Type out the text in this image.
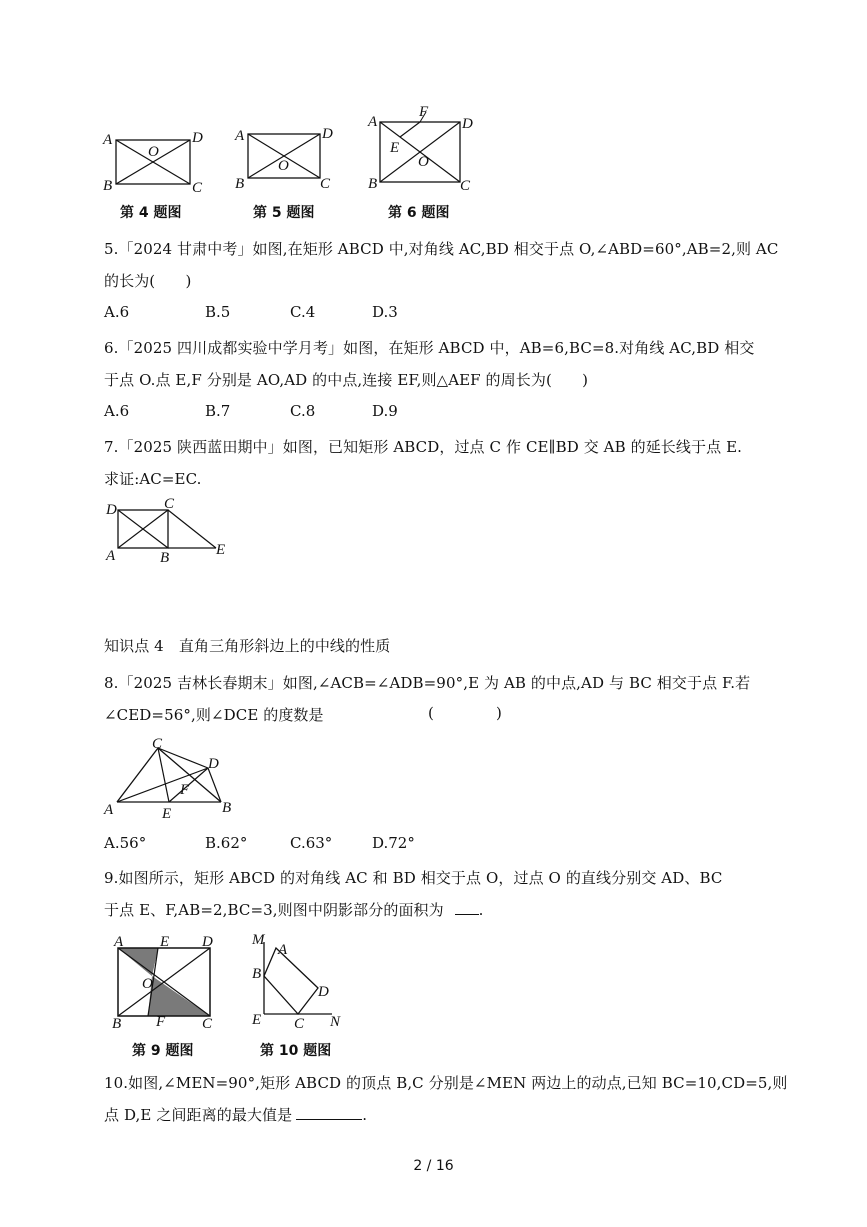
A
B	C
D
O
第 4 题图
A
B	C
D
O
第 5 题图
A
B	C
D
O
E
F
第 6 题图
5.「2024 甘肃中考」如图,在矩形 ABCD 中,对角线 AC,BD 相交于点 O,∠ABD=60°,AB=2,则 AC
的长为(　　)
A.6	B.5	C.4	D.3
6.「2025 四川成都实验中学月考」如图，在矩形 ABCD 中，AB=6,BC=8.对角线 AC,BD 相交
于点 O.点 E,F 分别是 AO,AD 的中点,连接 EF,则△AEF 的周长为(　　)
A.6	B.7	C.8	D.9
7.「2025 陕西蓝田期中」如图，已知矩形 ABCD，过点 C 作 CE∥BD 交 AB 的延长线于点 E.
求证:AC=EC.
D	C
A	B	E
知识点 4　直角三角形斜边上的中线的性质
8.「2025 吉林长春期末」如图,∠ACB=∠ADB=90°,E 为 AB 的中点,AD 与 BC 相交于点 F.若
∠CED=56°,则∠DCE 的度数是	(	)
C
D
A	B
E
F
A.56°	B.62°	C.63°	D.72°
9.如图所示，矩形 ABCD 的对角线 AC 和 BD 相交于点 O，过点 O 的直线分别交 AD、BC
于点 E、F,AB=2,BC=3,则图中阴影部分的面积为 .
A E D
O
B F C
第 9 题图
M
A
B
D
E C N
第 10 题图
10.如图,∠MEN=90°,矩形 ABCD 的顶点 B,C 分别是∠MEN 两边上的动点,已知 BC=10,CD=5,则
点 D,E 之间距离的最大值是	.
2 / 16
